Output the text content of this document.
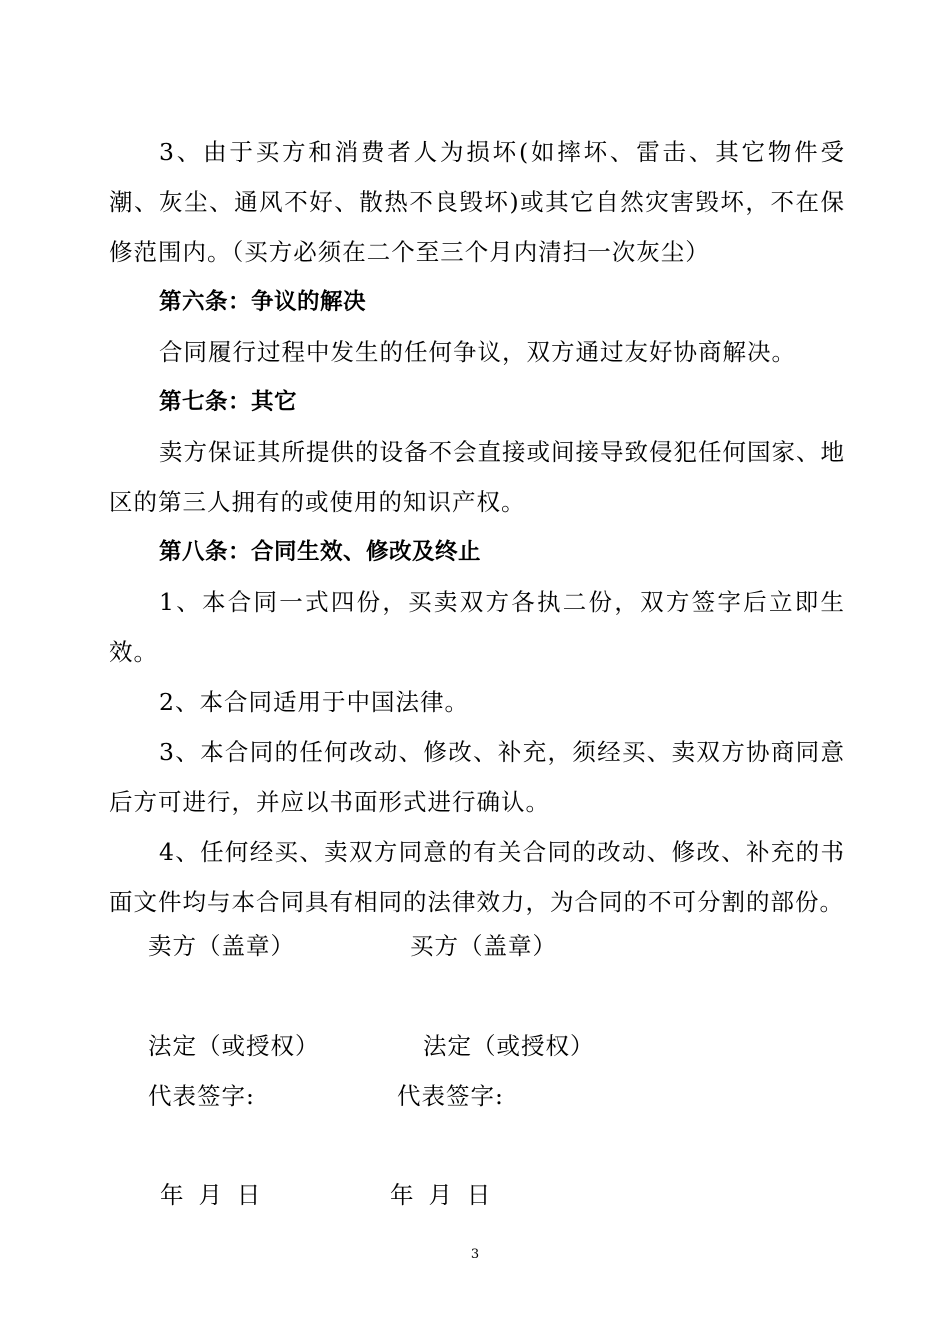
3、由于买方和消费者人为损坏(如摔坏、雷击、其它物件受潮、灰尘、通风不好、散热不良毁坏)或其它自然灾害毁坏，不在保修范围内。（买方必须在二个至三个月内清扫一次灰尘）

第六条：争议的解决

合同履行过程中发生的任何争议，双方通过友好协商解决。

第七条：其它

卖方保证其所提供的设备不会直接或间接导致侵犯任何国家、地区的第三人拥有的或使用的知识产权。

第八条：合同生效、修改及终止

1、本合同一式四份，买卖双方各执二份，双方签字后立即生效。

2、本合同适用于中国法律。

3、本合同的任何改动、修改、补充，须经买、卖双方协商同意后方可进行，并应以书面形式进行确认。

4、任何经买、卖双方同意的有关合同的改动、修改、补充的书面文件均与本合同具有相同的法律效力，为合同的不可分割的部份。

卖方（盖章）	买方（盖章）
法定（或授权）	法定（或授权）
代表签字:	代表签字:
年  月  日	年  月  日
3
